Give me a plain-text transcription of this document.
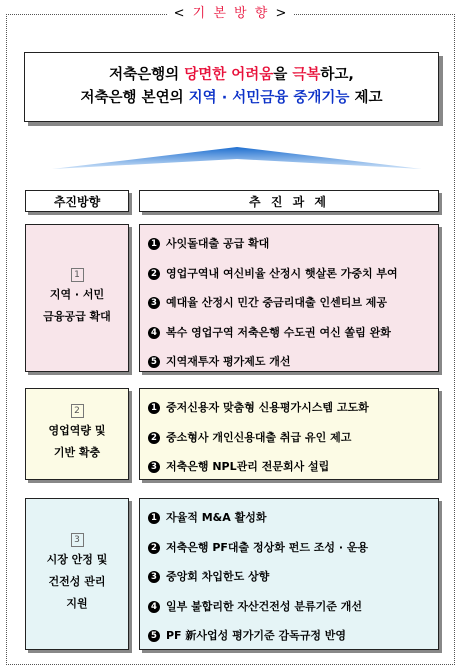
< 기 본 방 향 >
저축은행의 당면한 어려움을 극복하고,
저축은행 본연의 지역 · 서민금융 중개기능 제고
추진방향	추 진 과 제
1
지역 · 서민
금융공급 확대
1 사잇돌대출 공급 확대
2 영업구역내 여신비율 산정시 햇살론 가중치 부여
3 예대율 산정시 민간 중금리대출 인센티브 제공
4 복수 영업구역 저축은행 수도권 여신 쏠림 완화
5 지역재투자 평가제도 개선
2
영업역량 및
기반 확충
1 중저신용자 맞춤형 신용평가시스템 고도화
2 중소형사 개인신용대출 취급 유인 제고
3 저축은행 NPL관리 전문회사 설립
3
시장 안정 및
건전성 관리
지원
1 자율적 M&A 활성화
2 저축은행 PF대출 정상화 펀드 조성 · 운용
3 중앙회 차입한도 상향
4 일부 불합리한 자산건전성 분류기준 개선
5 PF 新사업성 평가기준 감독규정 반영
